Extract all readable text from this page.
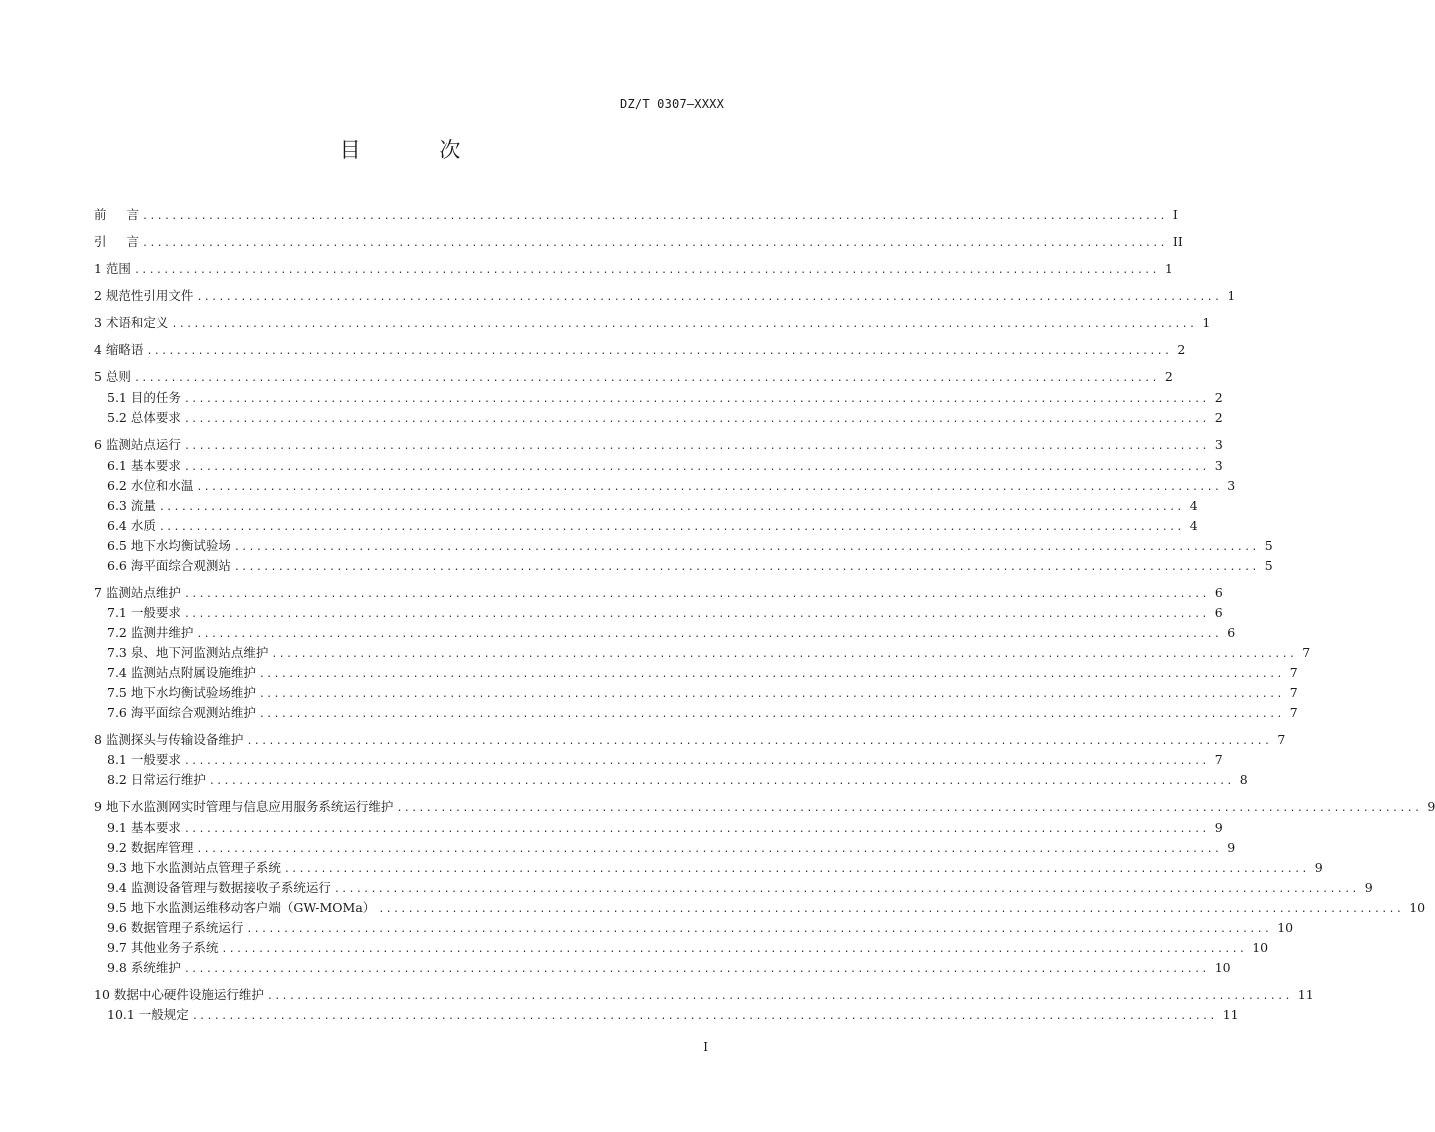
DZ/T 0307—XXXX
目 次
前 言 ............................................................................................................................................ I
引 言 ............................................................................................................................................ II
1 范围 ............................................................................................................................................ 1
2 规范性引用文件 ............................................................................................................................................ 1
3 术语和定义 ............................................................................................................................................ 1
4 缩略语 ............................................................................................................................................ 2
5 总则 ............................................................................................................................................ 2
5.1 目的任务 ............................................................................................................................................ 2
5.2 总体要求 ............................................................................................................................................ 2
6 监测站点运行 ............................................................................................................................................ 3
6.1 基本要求 ............................................................................................................................................ 3
6.2 水位和水温 ............................................................................................................................................ 3
6.3 流量 ............................................................................................................................................ 4
6.4 水质 ............................................................................................................................................ 4
6.5 地下水均衡试验场 ............................................................................................................................................ 5
6.6 海平面综合观测站 ............................................................................................................................................ 5
7 监测站点维护 ............................................................................................................................................ 6
7.1 一般要求 ............................................................................................................................................ 6
7.2 监测井维护 ............................................................................................................................................ 6
7.3 泉、地下河监测站点维护 ............................................................................................................................................ 7
7.4 监测站点附属设施维护 ............................................................................................................................................ 7
7.5 地下水均衡试验场维护 ............................................................................................................................................ 7
7.6 海平面综合观测站维护 ............................................................................................................................................ 7
8 监测探头与传输设备维护 ............................................................................................................................................ 7
8.1 一般要求 ............................................................................................................................................ 7
8.2 日常运行维护 ............................................................................................................................................ 8
9 地下水监测网实时管理与信息应用服务系统运行维护 ............................................................................................................................................ 9
9.1 基本要求 ............................................................................................................................................ 9
9.2 数据库管理 ............................................................................................................................................ 9
9.3 地下水监测站点管理子系统 ............................................................................................................................................ 9
9.4 监测设备管理与数据接收子系统运行 ............................................................................................................................................ 9
9.5 地下水监测运维移动客户端（GW-MOMa） ............................................................................................................................................ 10
9.6 数据管理子系统运行 ............................................................................................................................................ 10
9.7 其他业务子系统 ............................................................................................................................................ 10
9.8 系统维护 ............................................................................................................................................ 10
10 数据中心硬件设施运行维护 ............................................................................................................................................ 11
10.1 一般规定 ............................................................................................................................................ 11
I
